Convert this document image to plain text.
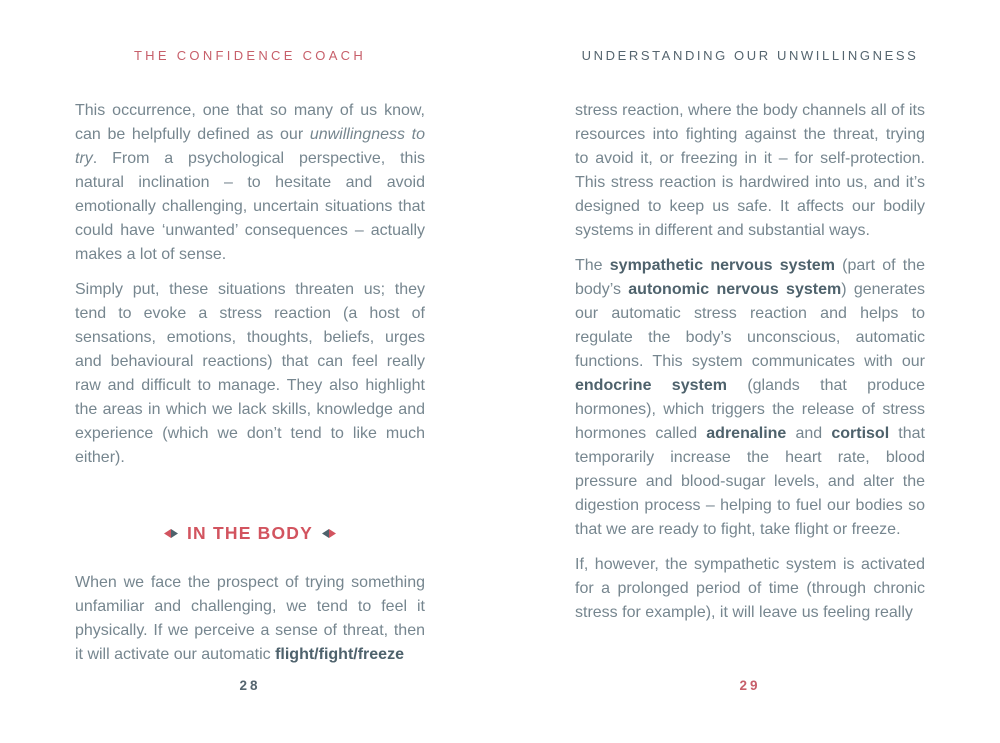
THE CONFIDENCE COACH

This occurrence, one that so many of us know, can be helpfully defined as our unwillingness to try. From a psychological perspective, this natural inclination – to hesitate and avoid emotionally challenging, uncertain situations that could have ‘unwanted’ consequences – actually makes a lot of sense.

Simply put, these situations threaten us; they tend to evoke a stress reaction (a host of sensations, emotions, thoughts, beliefs, urges and behavioural reactions) that can feel really raw and difficult to manage. They also highlight the areas in which we lack skills, knowledge and experience (which we don’t tend to like much either).

IN THE BODY

When we face the prospect of trying something unfamiliar and challenging, we tend to feel it physically. If we perceive a sense of threat, then it will activate our automatic flight/fight/freeze

28
UNDERSTANDING OUR UNWILLINGNESS

stress reaction, where the body channels all of its resources into fighting against the threat, trying to avoid it, or freezing in it – for self-protection. This stress reaction is hardwired into us, and it’s designed to keep us safe. It affects our bodily systems in different and substantial ways.

The sympathetic nervous system (part of the body’s autonomic nervous system) generates our automatic stress reaction and helps to regulate the body’s unconscious, automatic functions. This system communicates with our endocrine system (glands that produce hormones), which triggers the release of stress hormones called adrenaline and cortisol that temporarily increase the heart rate, blood pressure and blood-sugar levels, and alter the digestion process – helping to fuel our bodies so that we are ready to fight, take flight or freeze.

If, however, the sympathetic system is activated for a prolonged period of time (through chronic stress for example), it will leave us feeling really

29
